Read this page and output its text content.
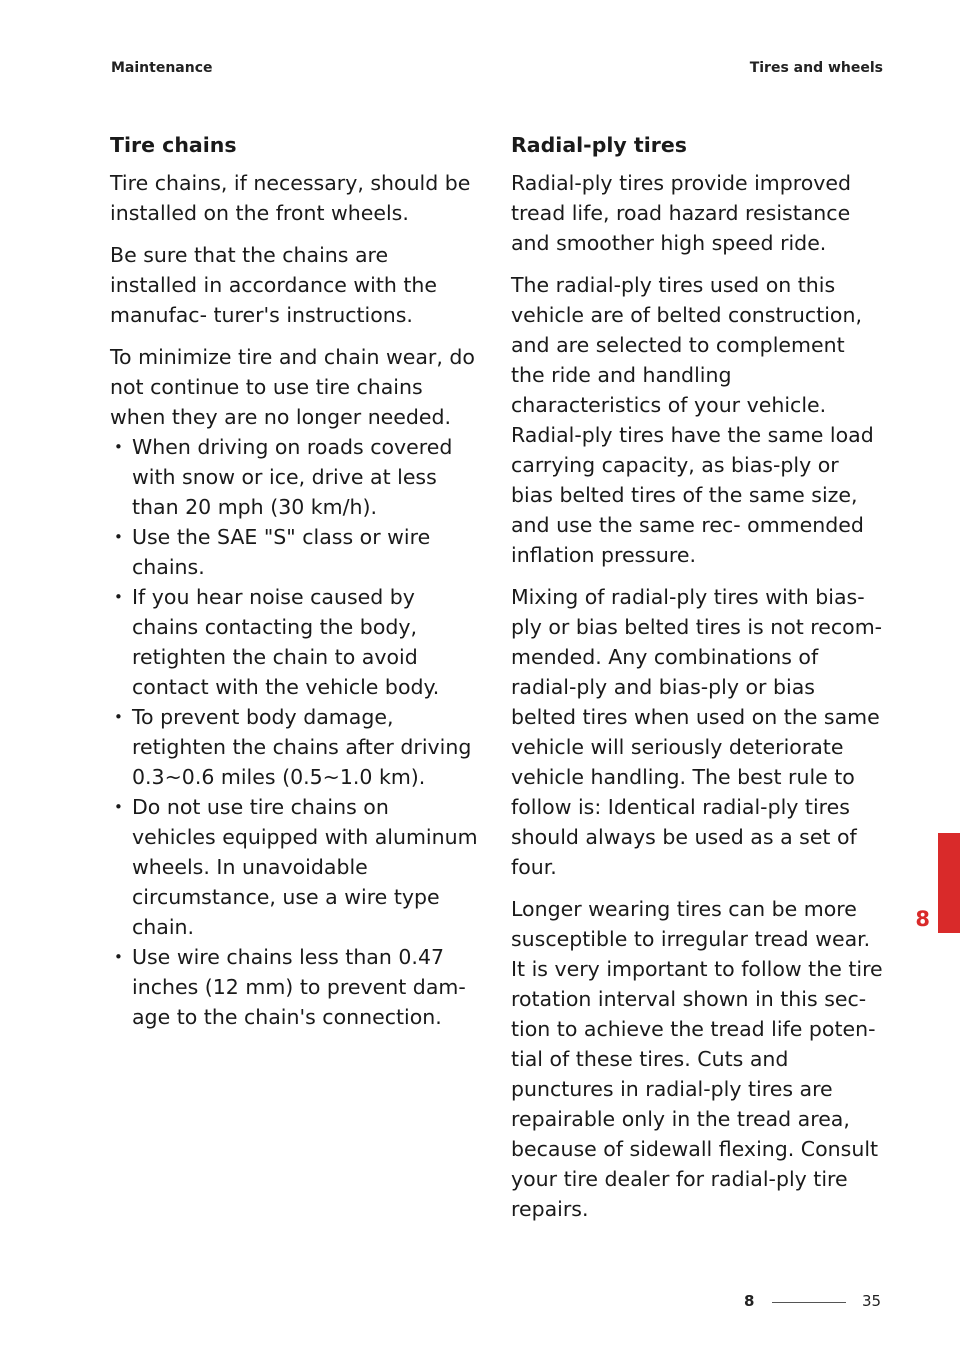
Maintenance	Tires and wheels
Tire chains

Tire chains, if necessary, should be installed on the front wheels.

Be sure that the chains are installed in accordance with the manufac- turer's instructions.

To minimize tire and chain wear, do not continue to use tire chains when they are no longer needed.

• When driving on roads covered with snow or ice, drive at less than 20 mph (30 km/h).
• Use the SAE "S" class or wire chains.
• If you hear noise caused by chains contacting the body, retighten the chain to avoid contact with the vehicle body.
• To prevent body damage, retighten the chains after driving 0.3~0.6 miles (0.5~1.0 km).
• Do not use tire chains on vehicles equipped with aluminum wheels. In unavoidable circumstance, use a wire type chain.
• Use wire chains less than 0.47 inches (12 mm) to prevent dam- age to the chain's connection.
Radial-ply tires

Radial-ply tires provide improved tread life, road hazard resistance and smoother high speed ride.

The radial-ply tires used on this vehicle are of belted construction, and are selected to complement the ride and handling characteristics of your vehicle. Radial-ply tires have the same load carrying capacity, as bias-ply or bias belted tires of the same size, and use the same rec- ommended inflation pressure.

Mixing of radial-ply tires with bias- ply or bias belted tires is not recom- mended. Any combinations of radial-ply and bias-ply or bias belted tires when used on the same vehicle will seriously deteriorate vehicle handling. The best rule to follow is: Identical radial-ply tires should always be used as a set of four.

Longer wearing tires can be more susceptible to irregular tread wear. It is very important to follow the tire rotation interval shown in this sec- tion to achieve the tread life poten- tial of these tires. Cuts and punctures in radial-ply tires are repairable only in the tread area, because of sidewall flexing. Consult your tire dealer for radial-ply tire repairs.

8
8	35
